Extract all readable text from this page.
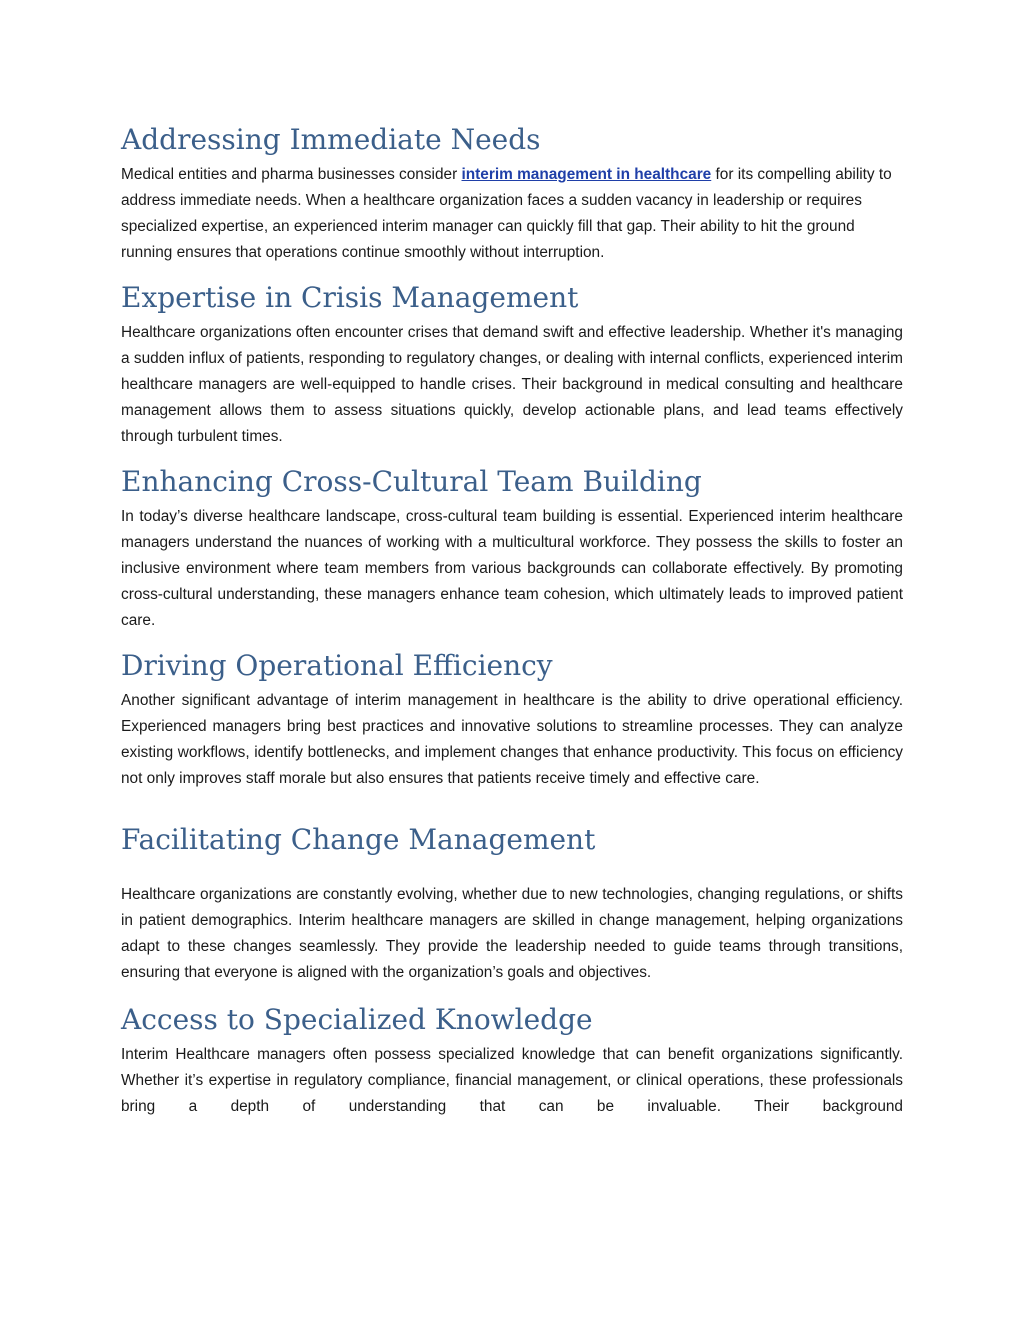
Addressing Immediate Needs

Medical entities and pharma businesses consider interim management in healthcare for its compelling ability to address immediate needs. When a healthcare organization faces a sudden vacancy in leadership or requires specialized expertise, an experienced interim manager can quickly fill that gap. Their ability to hit the ground running ensures that operations continue smoothly without interruption.

Expertise in Crisis Management

Healthcare organizations often encounter crises that demand swift and effective leadership. Whether it's managing a sudden influx of patients, responding to regulatory changes, or dealing with internal conflicts, experienced interim healthcare managers are well-equipped to handle crises. Their background in medical consulting and healthcare management allows them to assess situations quickly, develop actionable plans, and lead teams effectively through turbulent times.

Enhancing Cross-Cultural Team Building

In today’s diverse healthcare landscape, cross-cultural team building is essential. Experienced interim healthcare managers understand the nuances of working with a multicultural workforce. They possess the skills to foster an inclusive environment where team members from various backgrounds can collaborate effectively. By promoting cross-cultural understanding, these managers enhance team cohesion, which ultimately leads to improved patient care.

Driving Operational Efficiency

Another significant advantage of interim management in healthcare is the ability to drive operational efficiency. Experienced managers bring best practices and innovative solutions to streamline processes. They can analyze existing workflows, identify bottlenecks, and implement changes that enhance productivity. This focus on efficiency not only improves staff morale but also ensures that patients receive timely and effective care.

Facilitating Change Management

Healthcare organizations are constantly evolving, whether due to new technologies, changing regulations, or shifts in patient demographics. Interim healthcare managers are skilled in change management, helping organizations adapt to these changes seamlessly. They provide the leadership needed to guide teams through transitions, ensuring that everyone is aligned with the organization’s goals and objectives.

Access to Specialized Knowledge

Interim Healthcare managers often possess specialized knowledge that can benefit organizations significantly. Whether it’s expertise in regulatory compliance, financial management, or clinical operations, these professionals bring a depth of understanding that can be invaluable. Their background
